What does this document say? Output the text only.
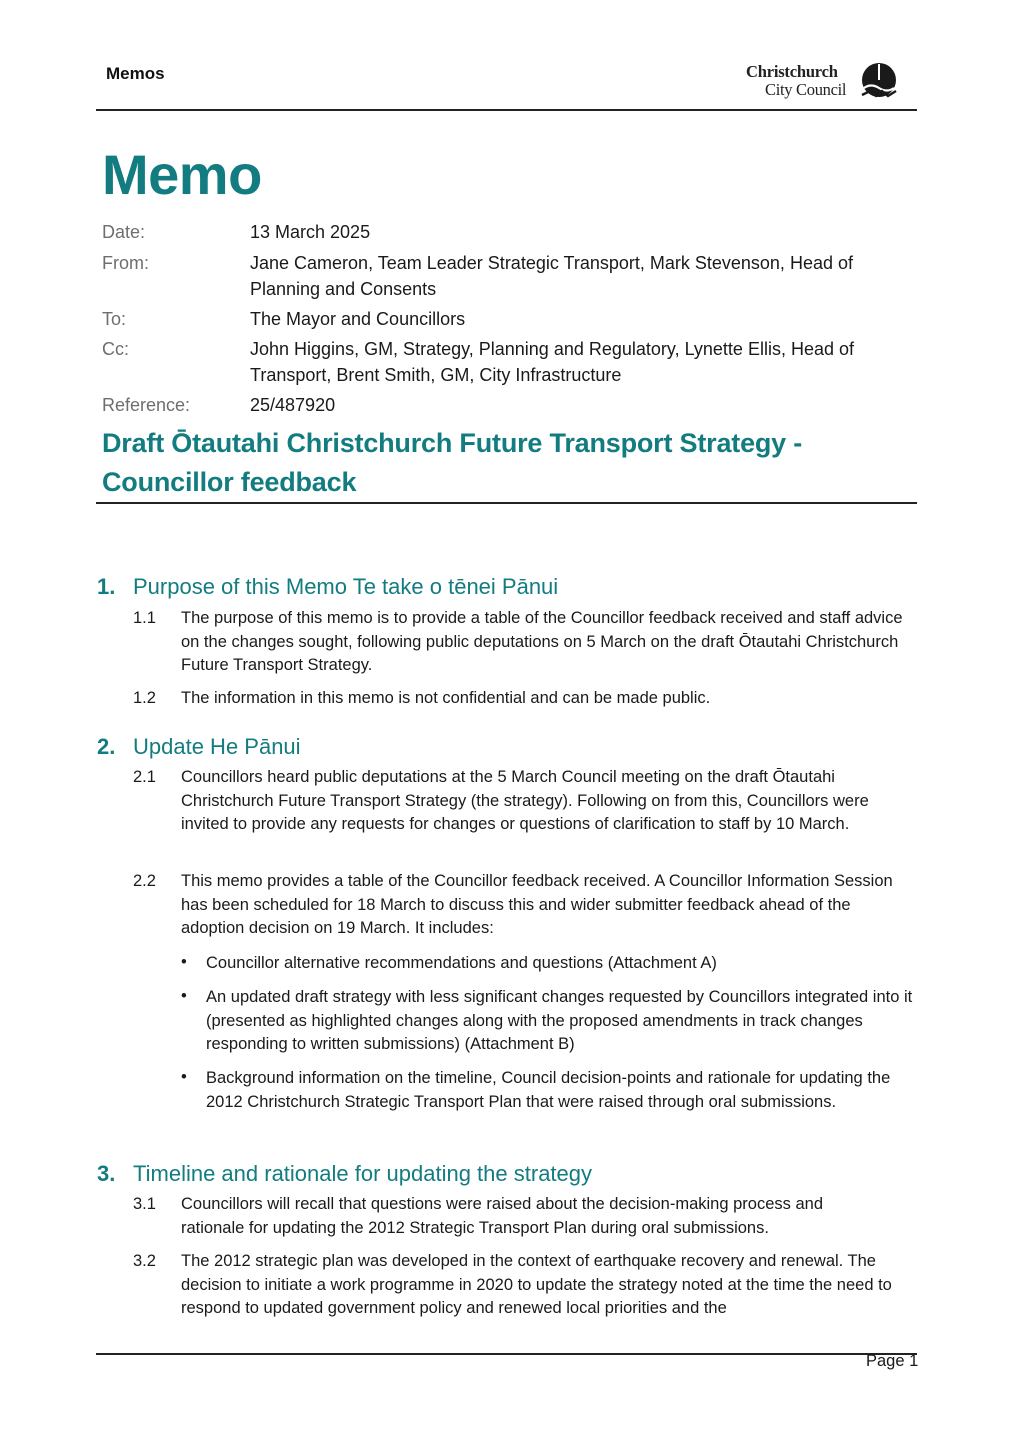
Memos	Christchurch
City Council
Memo
Date:	13 March 2025
From:	Jane Cameron, Team Leader Strategic Transport, Mark Stevenson, Head of Planning and Consents
To:	The Mayor and Councillors
Cc:	John Higgins, GM, Strategy, Planning and Regulatory, Lynette Ellis, Head of Transport, Brent Smith, GM, City Infrastructure
Reference:	25/487920
Draft Ōtautahi Christchurch Future Transport Strategy - Councillor feedback
1. Purpose of this Memo Te take o tēnei Pānui
1.1 The purpose of this memo is to provide a table of the Councillor feedback received and staff advice on the changes sought, following public deputations on 5 March on the draft Ōtautahi Christchurch Future Transport Strategy.
1.2 The information in this memo is not confidential and can be made public.
2. Update He Pānui
2.1 Councillors heard public deputations at the 5 March Council meeting on the draft Ōtautahi Christchurch Future Transport Strategy (the strategy). Following on from this, Councillors were invited to provide any requests for changes or questions of clarification to staff by 10 March.
2.2 This memo provides a table of the Councillor feedback received. A Councillor Information Session has been scheduled for 18 March to discuss this and wider submitter feedback ahead of the adoption decision on 19 March. It includes:
• Councillor alternative recommendations and questions (Attachment A)
• An updated draft strategy with less significant changes requested by Councillors integrated into it (presented as highlighted changes along with the proposed amendments in track changes responding to written submissions) (Attachment B)
• Background information on the timeline, Council decision-points and rationale for updating the 2012 Christchurch Strategic Transport Plan that were raised through oral submissions.
3. Timeline and rationale for updating the strategy
3.1 Councillors will recall that questions were raised about the decision-making process and rationale for updating the 2012 Strategic Transport Plan during oral submissions.
3.2 The 2012 strategic plan was developed in the context of earthquake recovery and renewal. The decision to initiate a work programme in 2020 to update the strategy noted at the time the need to respond to updated government policy and renewed local priorities and the
Page 1
